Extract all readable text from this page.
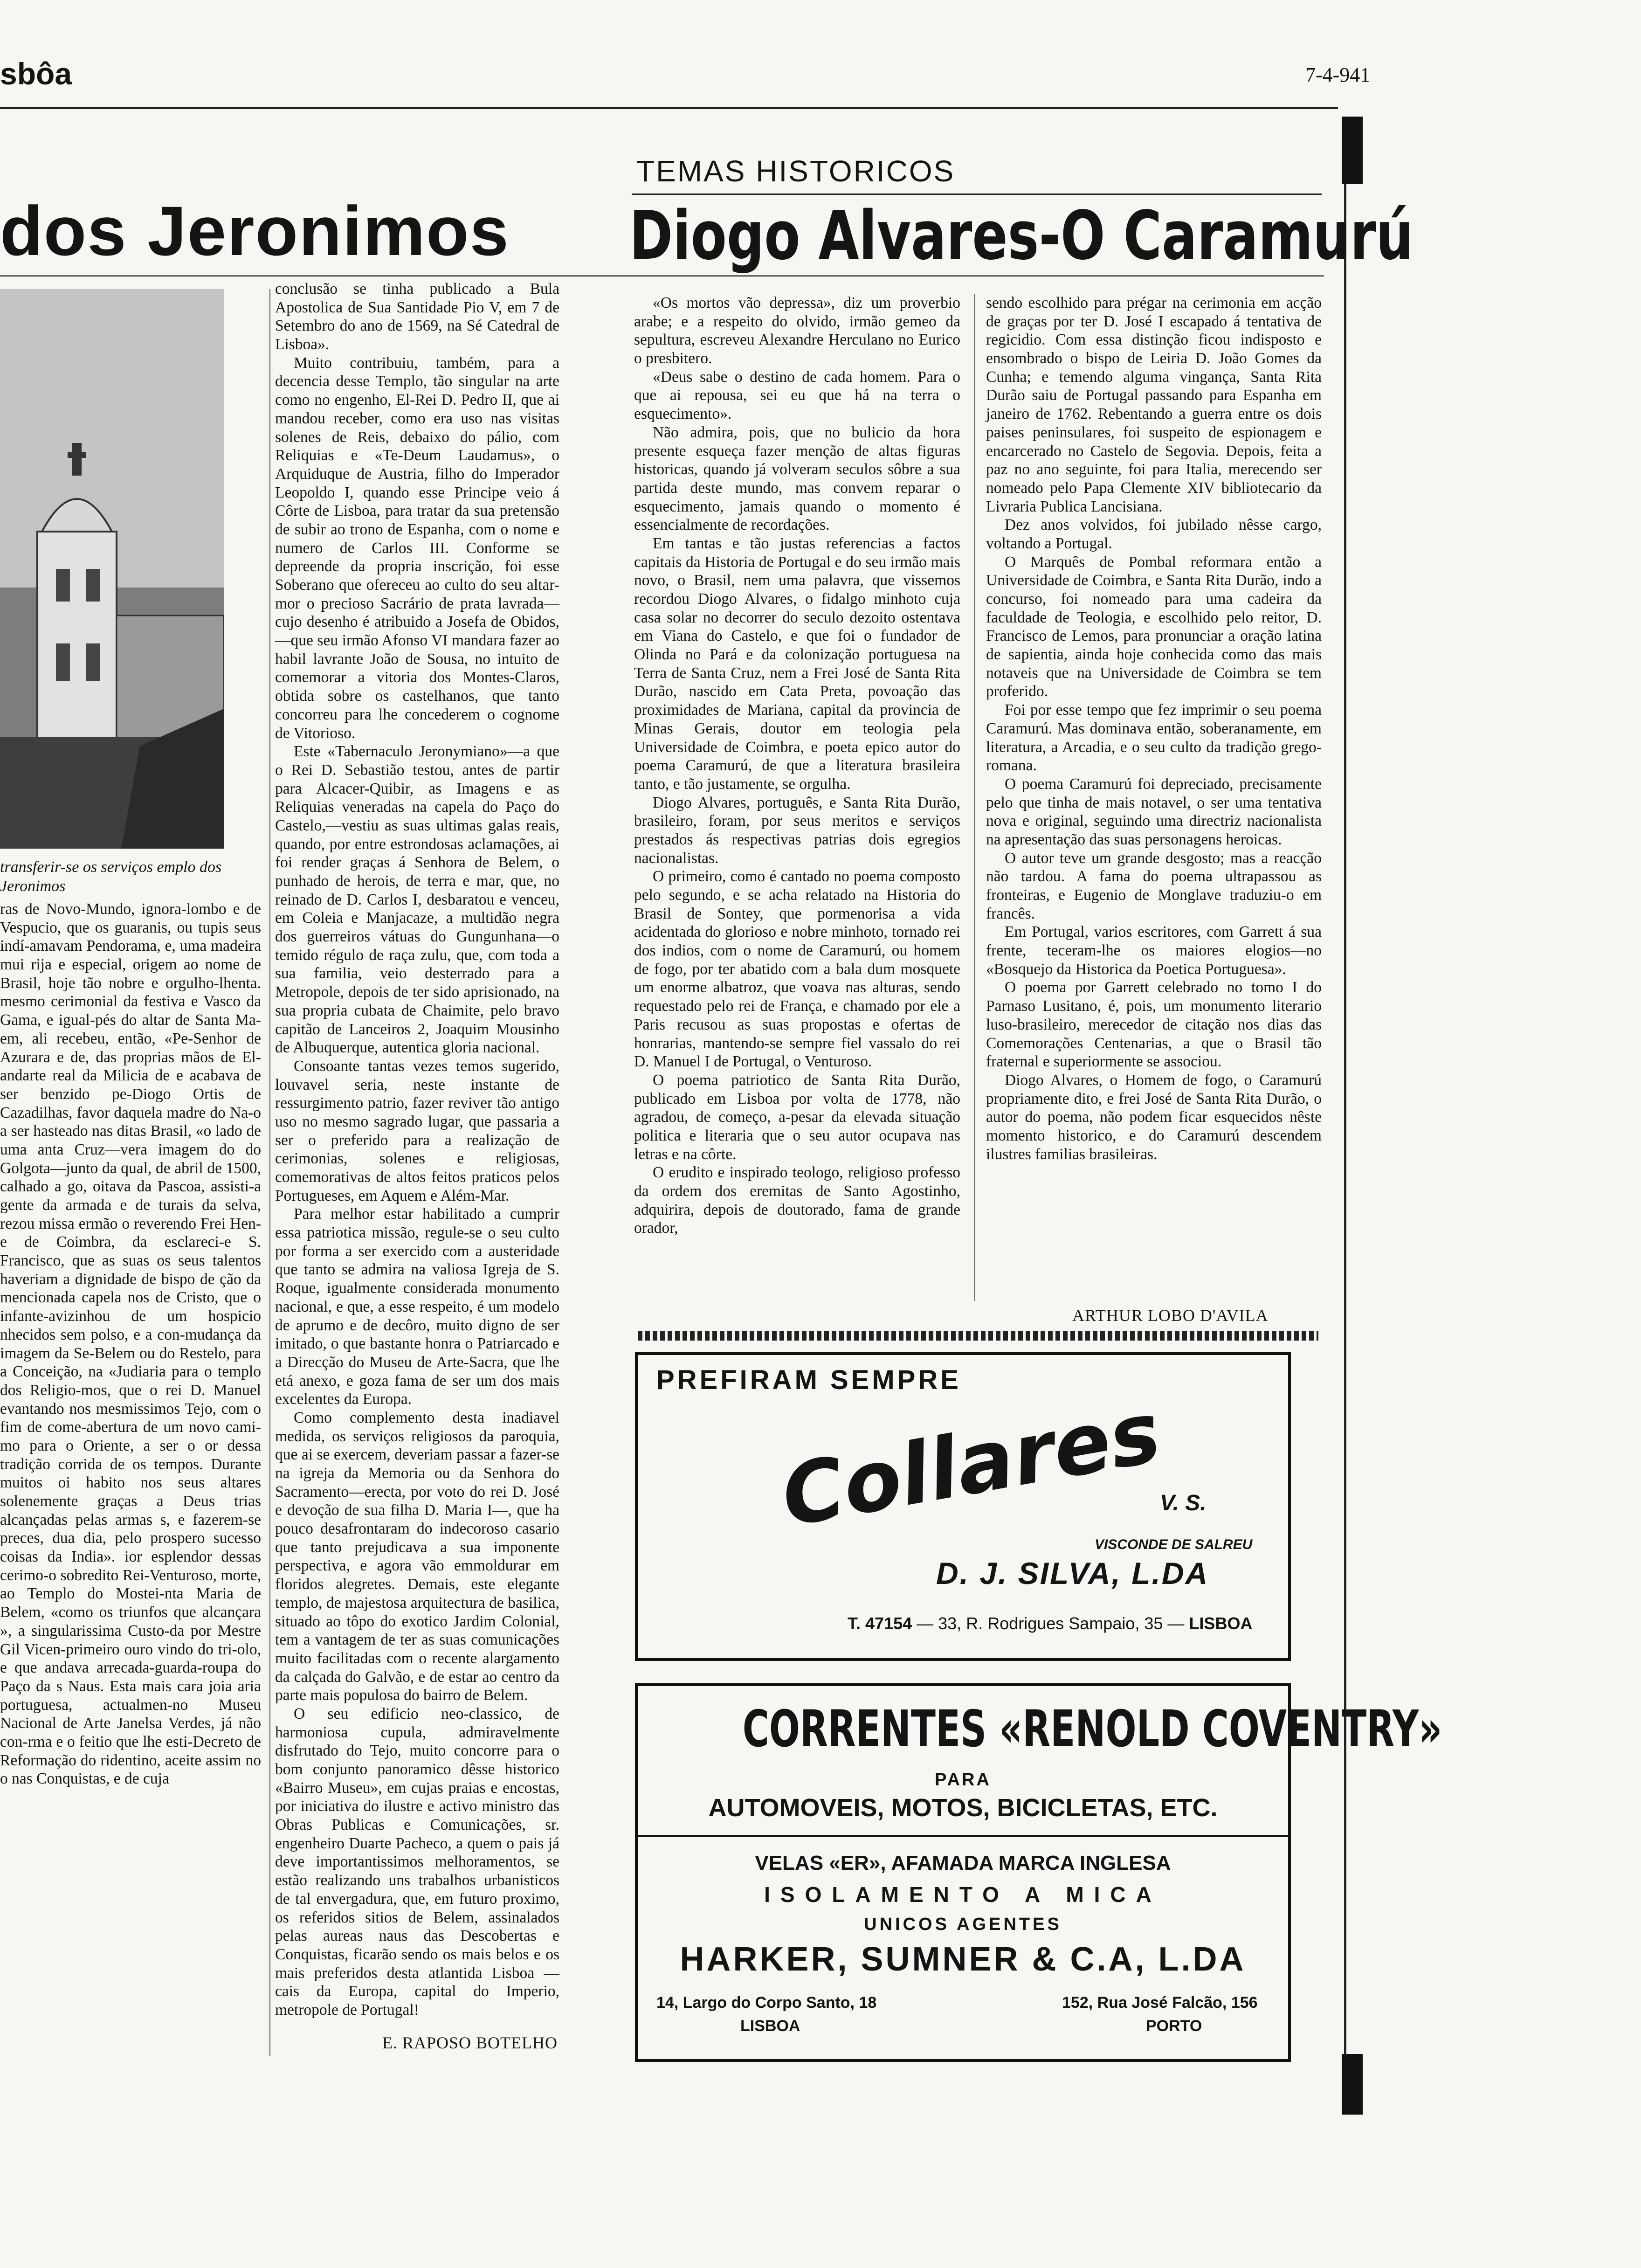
sbôa	7-4-941
dos Jeronimos
transferir-se os serviços emplo dos Jeronimos
ras de Novo-Mundo, ignora-lombo e de Vespucio, que os guaranis, ou tupis seus indí-amavam Pendorama, e, uma madeira mui rija e especial, origem ao nome de Brasil, hoje tão nobre e orgulho-lhenta. mesmo cerimonial da festiva e Vasco da Gama, e igual-pés do altar de Santa Ma-em, ali recebeu, então, «Pe-Senhor de Azurara e de, das proprias mãos de El-andarte real da Milicia de e acabava de ser benzido pe-Diogo Ortis de Cazadilhas, favor daquela madre do Na-o a ser hasteado nas ditas Brasil, «o lado de uma anta Cruz—vera imagem do do Golgota—junto da qual, de abril de 1500, calhado a go, oitava da Pascoa, assisti-a gente da armada e de turais da selva, rezou missa ermão o reverendo Frei Hen-e de Coimbra, da esclareci-e S. Francisco, que as suas os seus talentos haveriam a dignidade de bispo de ção da mencionada capela nos de Cristo, que o infante-avizinhou de um hospicio nhecidos sem polso, e a con-mudança da imagem da Se-Belem ou do Restelo, para a Conceição, na «Judiaria para o templo dos Religio-mos, que o rei D. Manuel evantando nos mesmissimos Tejo, com o fim de come-abertura de um novo cami-mo para o Oriente, a ser o or dessa tradição corrida de os tempos. Durante muitos oi habito nos seus altares solenemente graças a Deus trias alcançadas pelas armas s, e fazerem-se preces, dua dia, pelo prospero sucesso coisas da India». ior esplendor dessas cerimo-o sobredito Rei-Venturoso, morte, ao Templo do Mostei-nta Maria de Belem, «como os triunfos que alcançara », a singularissima Custo-da por Mestre Gil Vicen-primeiro ouro vindo do tri-olo, e que andava arrecada-guarda-roupa do Paço da s Naus. Esta mais cara joia aria portuguesa, actualmen-no Museu Nacional de Arte Janelsa Verdes, já não con-rma e o feitio que lhe esti-Decreto de Reformação do ridentino, aceite assim no o nas Conquistas, e de cuja

conclusão se tinha publicado a Bula Apostolica de Sua Santidade Pio V, em 7 de Setembro do ano de 1569, na Sé Catedral de Lisboa».

Muito contribuiu, também, para a decencia desse Templo, tão singular na arte como no engenho, El-Rei D. Pedro II, que ai mandou receber, como era uso nas visitas solenes de Reis, debaixo do pálio, com Reliquias e «Te-Deum Laudamus», o Arquiduque de Austria, filho do Imperador Leopoldo I, quando esse Principe veio á Côrte de Lisboa, para tratar da sua pretensão de subir ao trono de Espanha, com o nome e numero de Carlos III. Conforme se depreende da propria inscrição, foi esse Soberano que ofereceu ao culto do seu altar-mor o precioso Sacrário de prata lavrada—cujo desenho é atribuido a Josefa de Obidos, —que seu irmão Afonso VI mandara fazer ao habil lavrante João de Sousa, no intuito de comemorar a vitoria dos Montes-Claros, obtida sobre os castelhanos, que tanto concorreu para lhe concederem o cognome de Vitorioso.

Este «Tabernaculo Jeronymiano»—a que o Rei D. Sebastião testou, antes de partir para Alcacer-Quibir, as Imagens e as Reliquias veneradas na capela do Paço do Castelo,—vestiu as suas ultimas galas reais, quando, por entre estrondosas aclamações, ai foi render graças á Senhora de Belem, o punhado de herois, de terra e mar, que, no reinado de D. Carlos I, desbaratou e venceu, em Coleia e Manjacaze, a multidão negra dos guerreiros vátuas do Gungunhana—o temido régulo de raça zulu, que, com toda a sua familia, veio desterrado para a Metropole, depois de ter sido aprisionado, na sua propria cubata de Chaimite, pelo bravo capitão de Lanceiros 2, Joaquim Mousinho de Albuquerque, autentica gloria nacional.

Consoante tantas vezes temos sugerido, louvavel seria, neste instante de ressurgimento patrio, fazer reviver tão antigo uso no mesmo sagrado lugar, que passaria a ser o preferido para a realização de cerimonias, solenes e religiosas, comemorativas de altos feitos praticos pelos Portugueses, em Aquem e Além-Mar.

Para melhor estar habilitado a cumprir essa patriotica missão, regule-se o seu culto por forma a ser exercido com a austeridade que tanto se admira na valiosa Igreja de S. Roque, igualmente considerada monumento nacional, e que, a esse respeito, é um modelo de aprumo e de decôro, muito digno de ser imitado, o que bastante honra o Patriarcado e a Direcção do Museu de Arte-Sacra, que lhe etá anexo, e goza fama de ser um dos mais excelentes da Europa.

Como complemento desta inadiavel medida, os serviços religiosos da paroquia, que ai se exercem, deveriam passar a fazer-se na igreja da Memoria ou da Senhora do Sacramento—erecta, por voto do rei D. José e devoção de sua filha D. Maria I—, que ha pouco desafrontaram do indecoroso casario que tanto prejudicava a sua imponente perspectiva, e agora vão emmoldurar em floridos alegretes. Demais, este elegante templo, de majestosa arquitectura de basilica, situado ao tôpo do exotico Jardim Colonial, tem a vantagem de ter as suas comunicações muito facilitadas com o recente alargamento da calçada do Galvão, e de estar ao centro da parte mais populosa do bairro de Belem.

O seu edificio neo-classico, de harmoniosa cupula, admiravelmente disfrutado do Tejo, muito concorre para o bom conjunto panoramico dêsse historico «Bairro Museu», em cujas praias e encostas, por iniciativa do ilustre e activo ministro das Obras Publicas e Comunicações, sr. engenheiro Duarte Pacheco, a quem o pais já deve importantissimos melhoramentos, se estão realizando uns trabalhos urbanisticos de tal envergadura, que, em futuro proximo, os referidos sitios de Belem, assinalados pelas aureas naus das Descobertas e Conquistas, ficarão sendo os mais belos e os mais preferidos desta atlantida Lisboa — cais da Europa, capital do Imperio, metropole de Portugal!

E. RAPOSO BOTELHO
TEMAS HISTORICOS
Diogo Alvares-O Caramurú

«Os mortos vão depressa», diz um proverbio arabe; e a respeito do olvido, irmão gemeo da sepultura, escreveu Alexandre Herculano no Eurico o presbitero.

«Deus sabe o destino de cada homem. Para o que ai repousa, sei eu que há na terra o esquecimento».

Não admira, pois, que no bulicio da hora presente esqueça fazer menção de altas figuras historicas, quando já volveram seculos sôbre a sua partida deste mundo, mas convem reparar o esquecimento, jamais quando o momento é essencialmente de recordações.

Em tantas e tão justas referencias a factos capitais da Historia de Portugal e do seu irmão mais novo, o Brasil, nem uma palavra, que vissemos recordou Diogo Alvares, o fidalgo minhoto cuja casa solar no decorrer do seculo dezoito ostentava em Viana do Castelo, e que foi o fundador de Olinda no Pará e da colonização portuguesa na Terra de Santa Cruz, nem a Frei José de Santa Rita Durão, nascido em Cata Preta, povoação das proximidades de Mariana, capital da provincia de Minas Gerais, doutor em teologia pela Universidade de Coimbra, e poeta epico autor do poema Caramurú, de que a literatura brasileira tanto, e tão justamente, se orgulha.

Diogo Alvares, português, e Santa Rita Durão, brasileiro, foram, por seus meritos e serviços prestados ás respectivas patrias dois egregios nacionalistas.

O primeiro, como é cantado no poema composto pelo segundo, e se acha relatado na Historia do Brasil de Sontey, que pormenorisa a vida acidentada do glorioso e nobre minhoto, tornado rei dos indios, com o nome de Caramurú, ou homem de fogo, por ter abatido com a bala dum mosquete um enorme albatroz, que voava nas alturas, sendo requestado pelo rei de França, e chamado por ele a Paris recusou as suas propostas e ofertas de honrarias, mantendo-se sempre fiel vassalo do rei D. Manuel I de Portugal, o Venturoso.

O poema patriotico de Santa Rita Durão, publicado em Lisboa por volta de 1778, não agradou, de começo, a-pesar da elevada situação politica e literaria que o seu autor ocupava nas letras e na côrte.

O erudito e inspirado teologo, religioso professo da ordem dos eremitas de Santo Agostinho, adquirira, depois de doutorado, fama de grande orador,

sendo escolhido para prégar na cerimonia em acção de graças por ter D. José I escapado á tentativa de regicidio. Com essa distinção ficou indisposto e ensombrado o bispo de Leiria D. João Gomes da Cunha; e temendo alguma vingança, Santa Rita Durão saiu de Portugal passando para Espanha em janeiro de 1762. Rebentando a guerra entre os dois paises peninsulares, foi suspeito de espionagem e encarcerado no Castelo de Segovia. Depois, feita a paz no ano seguinte, foi para Italia, merecendo ser nomeado pelo Papa Clemente XIV bibliotecario da Livraria Publica Lancisiana.

Dez anos volvidos, foi jubilado nêsse cargo, voltando a Portugal.

O Marquês de Pombal reformara então a Universidade de Coimbra, e Santa Rita Durão, indo a concurso, foi nomeado para uma cadeira da faculdade de Teologia, e escolhido pelo reitor, D. Francisco de Lemos, para pronunciar a oração latina de sapientia, ainda hoje conhecida como das mais notaveis que na Universidade de Coimbra se tem proferido.

Foi por esse tempo que fez imprimir o seu poema Caramurú. Mas dominava então, soberanamente, em literatura, a Arcadia, e o seu culto da tradição grego-romana.

O poema Caramurú foi depreciado, precisamente pelo que tinha de mais notavel, o ser uma tentativa nova e original, seguindo uma directriz nacionalista na apresentação das suas personagens heroicas.

O autor teve um grande desgosto; mas a reacção não tardou. A fama do poema ultrapassou as fronteiras, e Eugenio de Monglave traduziu-o em francês.

Em Portugal, varios escritores, com Garrett á sua frente, teceram-lhe os maiores elogios—no «Bosquejo da Historica da Poetica Portuguesa».

O poema por Garrett celebrado no tomo I do Parnaso Lusitano, é, pois, um monumento literario luso-brasileiro, merecedor de citação nos dias das Comemorações Centenarias, a que o Brasil tão fraternal e superiormente se associou.

Diogo Alvares, o Homem de fogo, o Caramurú propriamente dito, e frei José de Santa Rita Durão, o autor do poema, não podem ficar esquecidos nêste momento historico, e do Caramurú descendem ilustres familias brasileiras.

ARTHUR LOBO D'AVILA
PREFIRAM SEMPRE
Collares
V. S.
VISCONDE DE SALREU
D. J. SILVA, L.DA
T. 47154 — 33, R. Rodrigues Sampaio, 35 — LISBOA
CORRENTES «RENOLD COVENTRY»
PARA
AUTOMOVEIS, MOTOS, BICICLETAS, ETC.
VELAS «ER», AFAMADA MARCA INGLESA
ISOLAMENTO A MICA
UNICOS AGENTES
HARKER, SUMNER & C.A, L.DA
14, Largo do Corpo Santo, 18
LISBOA
152, Rua José Falcão, 156
PORTO
